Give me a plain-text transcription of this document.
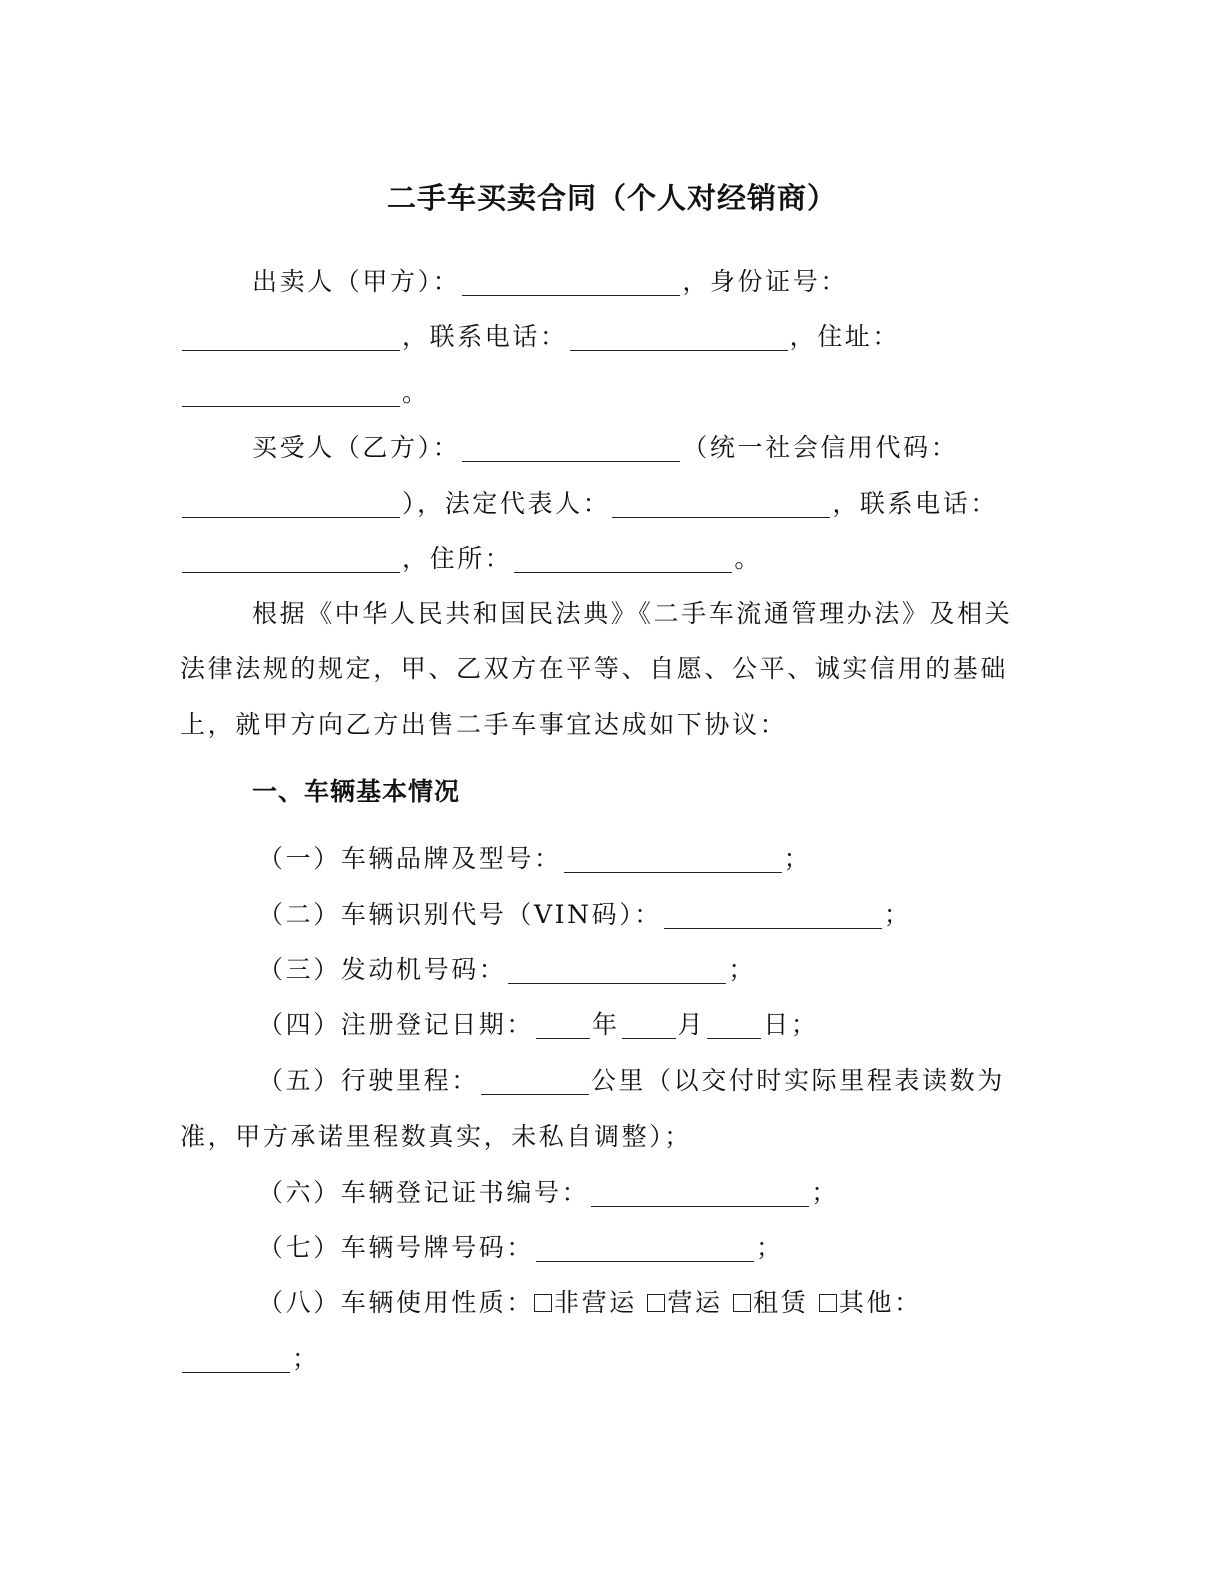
二手车买卖合同（个人对经销商）
出卖人（甲方）：	，身份证号：
，联系电话：	，住址：
。
买受人（乙方）：	（统一社会信用代码：
），法定代表人：	，联系电话：
，住所：	。
根据《中华人民共和国民法典》《二手车流通管理办法》及相关
法律法规的规定，甲、乙双方在平等、自愿、公平、诚实信用的基础
上，就甲方向乙方出售二手车事宜达成如下协议：
一、车辆基本情况
（一）车辆品牌及型号：	；
（二）车辆识别代号（VIN码）：	；
（三）发动机号码：	；
（四）注册登记日期： 年 月 日；
（五）行驶里程：	公里（以交付时实际里程表读数为
准，甲方承诺里程数真实，未私自调整）；
（六）车辆登记证书编号：	；
（七）车辆号牌号码：	；
（八）车辆使用性质： 非营运 营运 租赁 其他：
；
